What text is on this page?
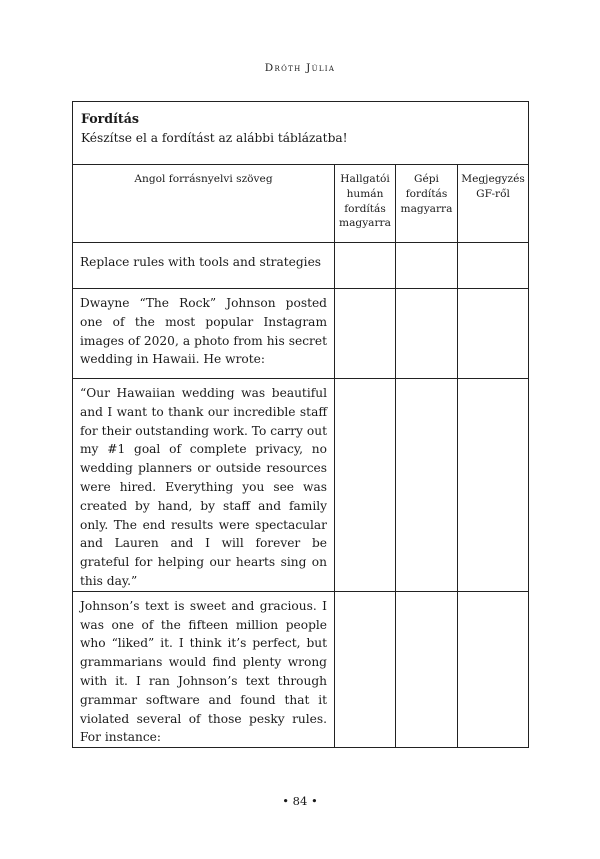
Dróth Júlia
Fordítás
Készítse el a fordítást az alábbi táblázatba!			

Angol forrásnyelvi szöveg	Hallgatói humán fordítás magyarra	Gépi fordítás magyarra	Megjegyzés GF-ről
Replace rules with tools and strategies			
Dwayne “The Rock” Johnson posted one of the most popular Instagram images of 2020, a photo from his secret wedding in Hawaii. He wrote:			
“Our Hawaiian wedding was beautiful and I want to thank our incredible staff for their outstanding work. To carry out my #1 goal of complete privacy, no wedding planners or outside resources were hired. Everything you see was created by hand, by staff and family only. The end results were spectacular and Lauren and I will forever be grateful for helping our hearts sing on this day.”			
Johnson’s text is sweet and gracious. I was one of the fifteen million people who “liked” it. I think it’s perfect, but grammarians would find plenty wrong with it. I ran Johnson’s text through grammar software and found that it violated several of those pesky rules. For instance:			
• 84 •
